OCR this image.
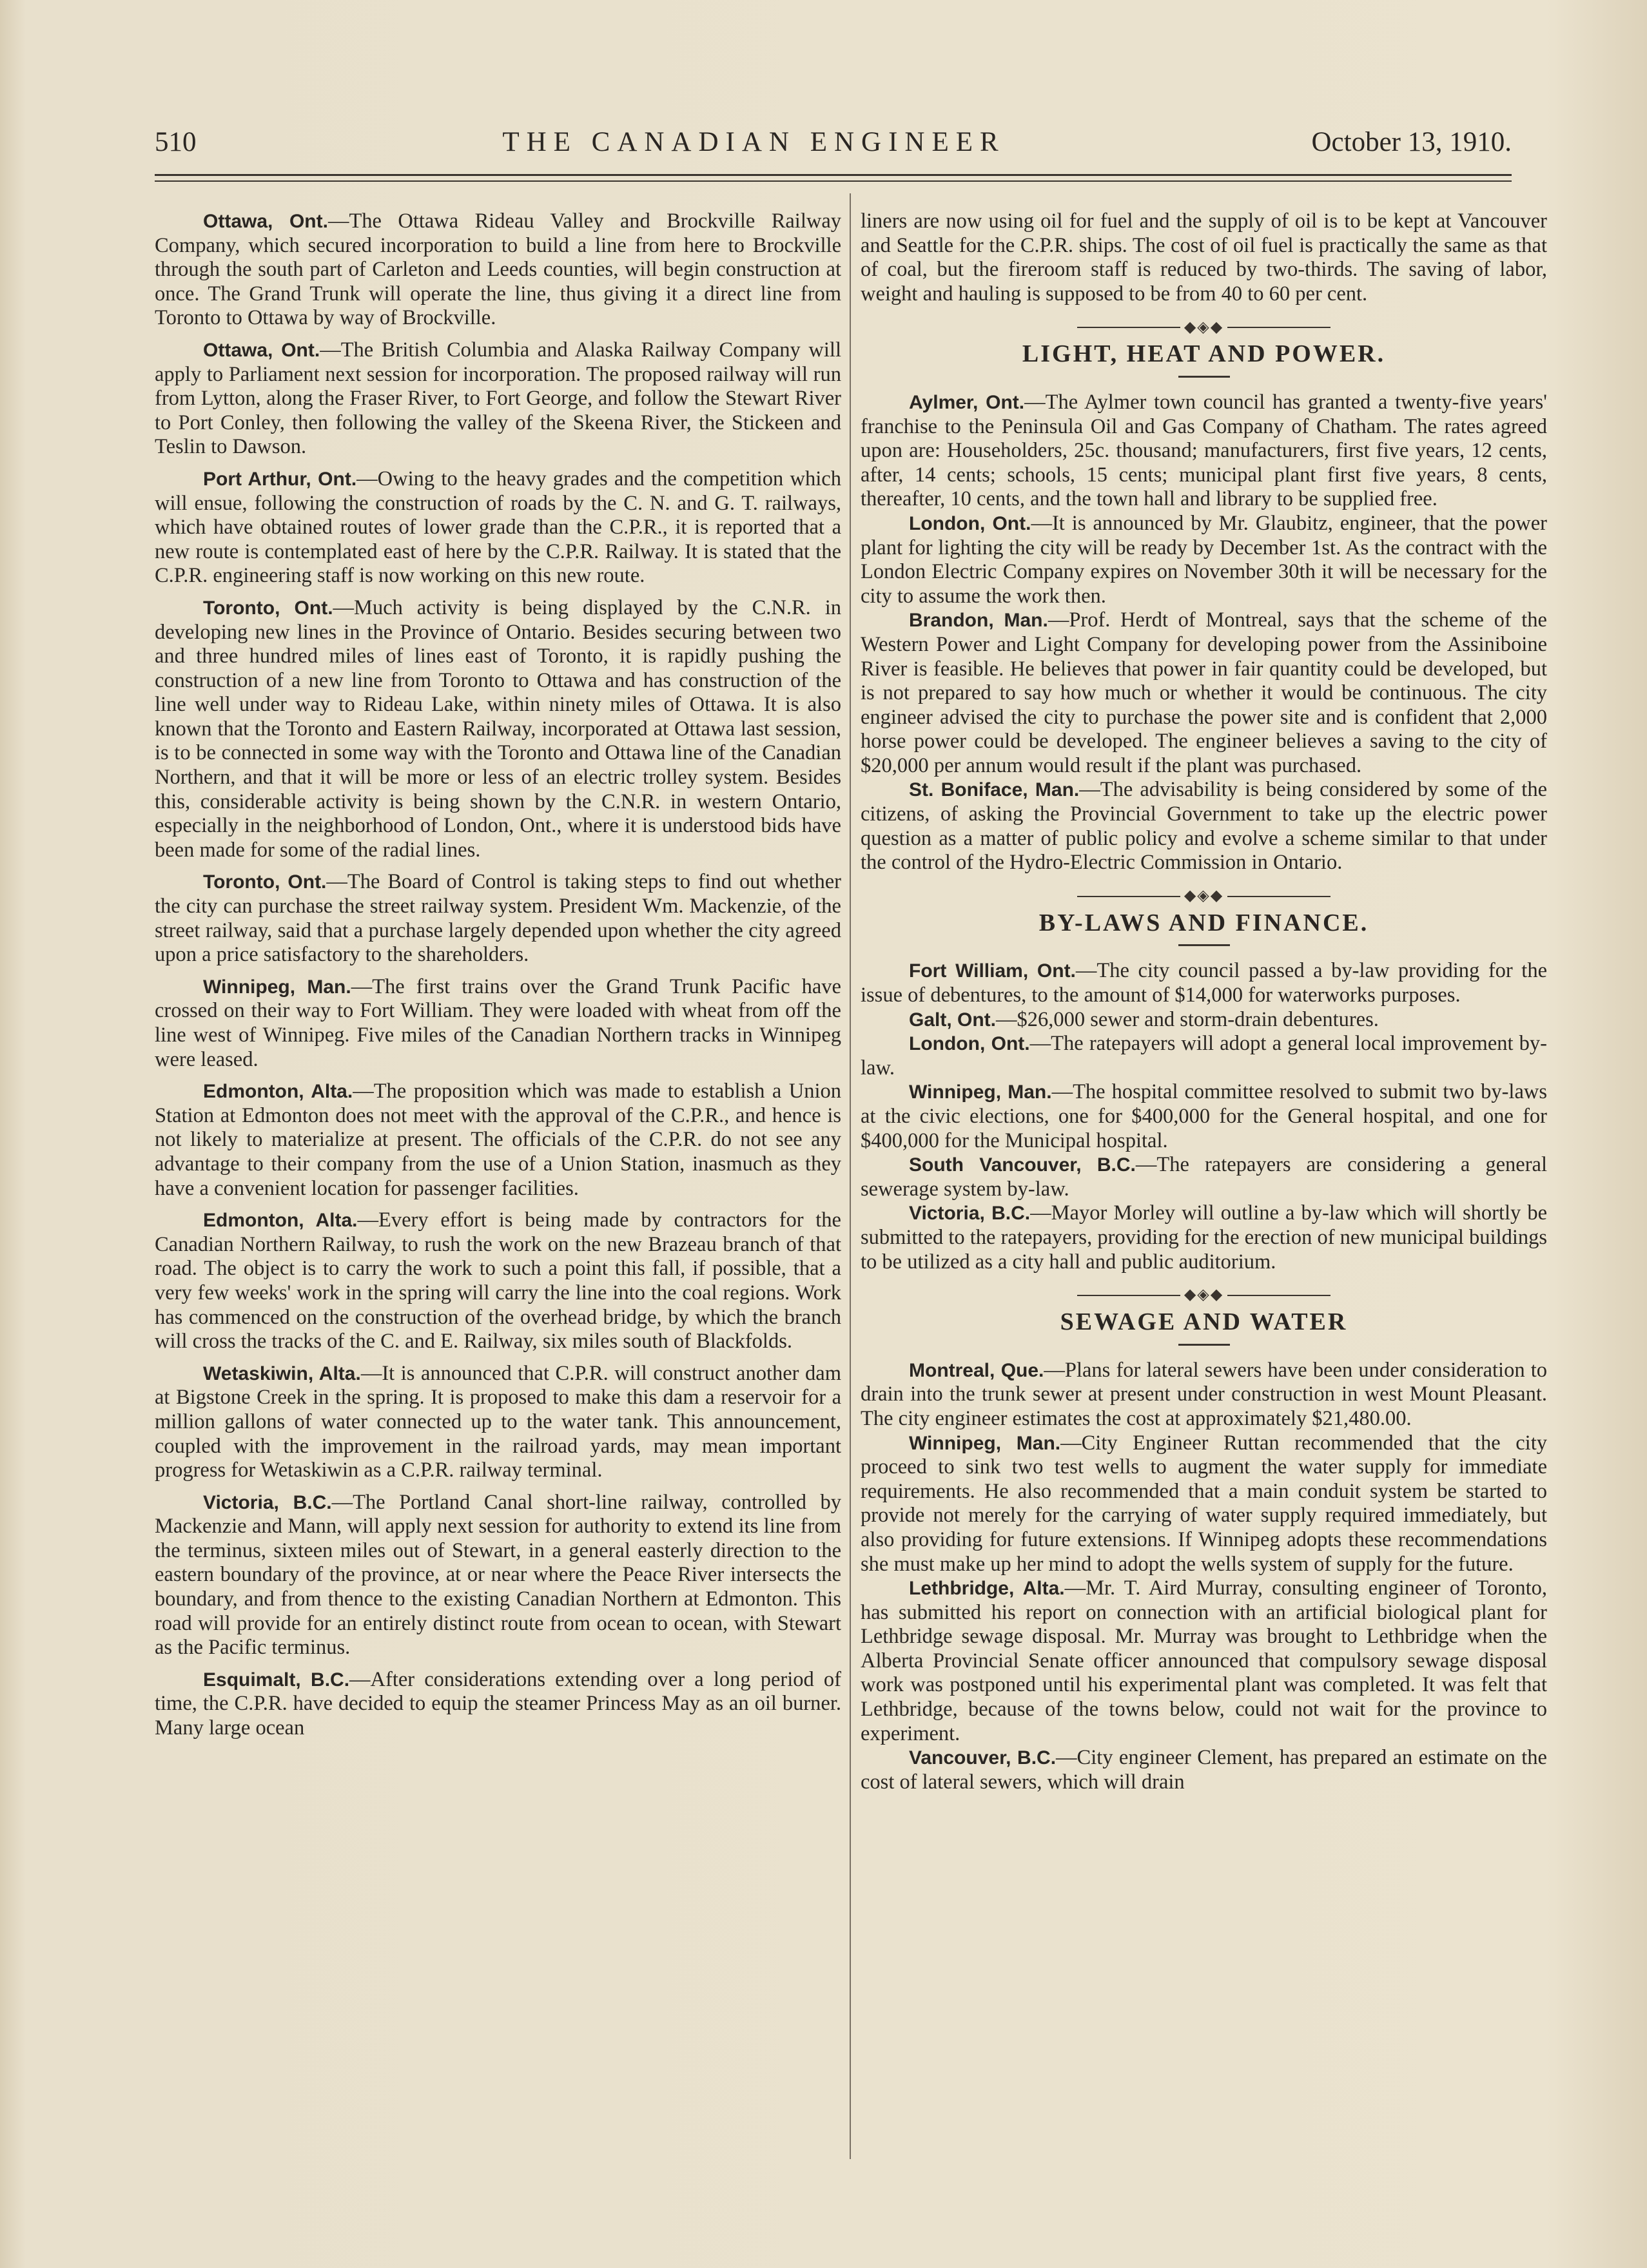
510	THE CANADIAN ENGINEER	October 13, 1910.

Ottawa, Ont.—The Ottawa Rideau Valley and Brockville Railway Company, which secured incorporation to build a line from here to Brockville through the south part of Carleton and Leeds counties, will begin construction at once. The Grand Trunk will operate the line, thus giving it a direct line from Toronto to Ottawa by way of Brockville.

Ottawa, Ont.—The British Columbia and Alaska Railway Company will apply to Parliament next session for incorporation. The proposed railway will run from Lytton, along the Fraser River, to Fort George, and follow the Stewart River to Port Conley, then following the valley of the Skeena River, the Stickeen and Teslin to Dawson.

Port Arthur, Ont.—Owing to the heavy grades and the competition which will ensue, following the construction of roads by the C. N. and G. T. railways, which have obtained routes of lower grade than the C.P.R., it is reported that a new route is contemplated east of here by the C.P.R. Railway. It is stated that the C.P.R. engineering staff is now working on this new route.

Toronto, Ont.—Much activity is being displayed by the C.N.R. in developing new lines in the Province of Ontario. Besides securing between two and three hundred miles of lines east of Toronto, it is rapidly pushing the construction of a new line from Toronto to Ottawa and has construction of the line well under way to Rideau Lake, within ninety miles of Ottawa. It is also known that the Toronto and Eastern Railway, incorporated at Ottawa last session, is to be connected in some way with the Toronto and Ottawa line of the Canadian Northern, and that it will be more or less of an electric trolley system. Besides this, considerable activity is being shown by the C.N.R. in western Ontario, especially in the neighborhood of London, Ont., where it is understood bids have been made for some of the radial lines.

Toronto, Ont.—The Board of Control is taking steps to find out whether the city can purchase the street railway system. President Wm. Mackenzie, of the street railway, said that a purchase largely depended upon whether the city agreed upon a price satisfactory to the shareholders.

Winnipeg, Man.—The first trains over the Grand Trunk Pacific have crossed on their way to Fort William. They were loaded with wheat from off the line west of Winnipeg. Five miles of the Canadian Northern tracks in Winnipeg were leased.

Edmonton, Alta.—The proposition which was made to establish a Union Station at Edmonton does not meet with the approval of the C.P.R., and hence is not likely to materialize at present. The officials of the C.P.R. do not see any advantage to their company from the use of a Union Station, inasmuch as they have a convenient location for passenger facilities.

Edmonton, Alta.—Every effort is being made by contractors for the Canadian Northern Railway, to rush the work on the new Brazeau branch of that road. The object is to carry the work to such a point this fall, if possible, that a very few weeks' work in the spring will carry the line into the coal regions. Work has commenced on the construction of the overhead bridge, by which the branch will cross the tracks of the C. and E. Railway, six miles south of Blackfolds.

Wetaskiwin, Alta.—It is announced that C.P.R. will construct another dam at Bigstone Creek in the spring. It is proposed to make this dam a reservoir for a million gallons of water connected up to the water tank. This announcement, coupled with the improvement in the railroad yards, may mean important progress for Wetaskiwin as a C.P.R. railway terminal.

Victoria, B.C.—The Portland Canal short-line railway, controlled by Mackenzie and Mann, will apply next session for authority to extend its line from the terminus, sixteen miles out of Stewart, in a general easterly direction to the eastern boundary of the province, at or near where the Peace River intersects the boundary, and from thence to the existing Canadian Northern at Edmonton. This road will provide for an entirely distinct route from ocean to ocean, with Stewart as the Pacific terminus.

Esquimalt, B.C.—After considerations extending over a long period of time, the C.P.R. have decided to equip the steamer Princess May as an oil burner. Many large ocean

liners are now using oil for fuel and the supply of oil is to be kept at Vancouver and Seattle for the C.P.R. ships. The cost of oil fuel is practically the same as that of coal, but the fireroom staff is reduced by two-thirds. The saving of labor, weight and hauling is supposed to be from 40 to 60 per cent.

◆◈◆
LIGHT, HEAT AND POWER.

Aylmer, Ont.—The Aylmer town council has granted a twenty-five years' franchise to the Peninsula Oil and Gas Company of Chatham. The rates agreed upon are: Householders, 25c. thousand; manufacturers, first five years, 12 cents, after, 14 cents; schools, 15 cents; municipal plant first five years, 8 cents, thereafter, 10 cents, and the town hall and library to be supplied free.

London, Ont.—It is announced by Mr. Glaubitz, engineer, that the power plant for lighting the city will be ready by December 1st. As the contract with the London Electric Company expires on November 30th it will be necessary for the city to assume the work then.

Brandon, Man.—Prof. Herdt of Montreal, says that the scheme of the Western Power and Light Company for developing power from the Assiniboine River is feasible. He believes that power in fair quantity could be developed, but is not prepared to say how much or whether it would be continuous. The city engineer advised the city to purchase the power site and is confident that 2,000 horse power could be developed. The engineer believes a saving to the city of $20,000 per annum would result if the plant was purchased.

St. Boniface, Man.—The advisability is being considered by some of the citizens, of asking the Provincial Government to take up the electric power question as a matter of public policy and evolve a scheme similar to that under the control of the Hydro-Electric Commission in Ontario.

◆◈◆
BY-LAWS AND FINANCE.

Fort William, Ont.—The city council passed a by-law providing for the issue of debentures, to the amount of $14,000 for waterworks purposes.

Galt, Ont.—$26,000 sewer and storm-drain debentures.

London, Ont.—The ratepayers will adopt a general local improvement by-law.

Winnipeg, Man.—The hospital committee resolved to submit two by-laws at the civic elections, one for $400,000 for the General hospital, and one for $400,000 for the Municipal hospital.

South Vancouver, B.C.—The ratepayers are considering a general sewerage system by-law.

Victoria, B.C.—Mayor Morley will outline a by-law which will shortly be submitted to the ratepayers, providing for the erection of new municipal buildings to be utilized as a city hall and public auditorium.

◆◈◆
SEWAGE AND WATER

Montreal, Que.—Plans for lateral sewers have been under consideration to drain into the trunk sewer at present under construction in west Mount Pleasant. The city engineer estimates the cost at approximately $21,480.00.

Winnipeg, Man.—City Engineer Ruttan recommended that the city proceed to sink two test wells to augment the water supply for immediate requirements. He also recommended that a main conduit system be started to provide not merely for the carrying of water supply required immediately, but also providing for future extensions. If Winnipeg adopts these recommendations she must make up her mind to adopt the wells system of supply for the future.

Lethbridge, Alta.—Mr. T. Aird Murray, consulting engineer of Toronto, has submitted his report on connection with an artificial biological plant for Lethbridge sewage disposal. Mr. Murray was brought to Lethbridge when the Alberta Provincial Senate officer announced that compulsory sewage disposal work was postponed until his experimental plant was completed. It was felt that Lethbridge, because of the towns below, could not wait for the province to experiment.

Vancouver, B.C.—City engineer Clement, has prepared an estimate on the cost of lateral sewers, which will drain
